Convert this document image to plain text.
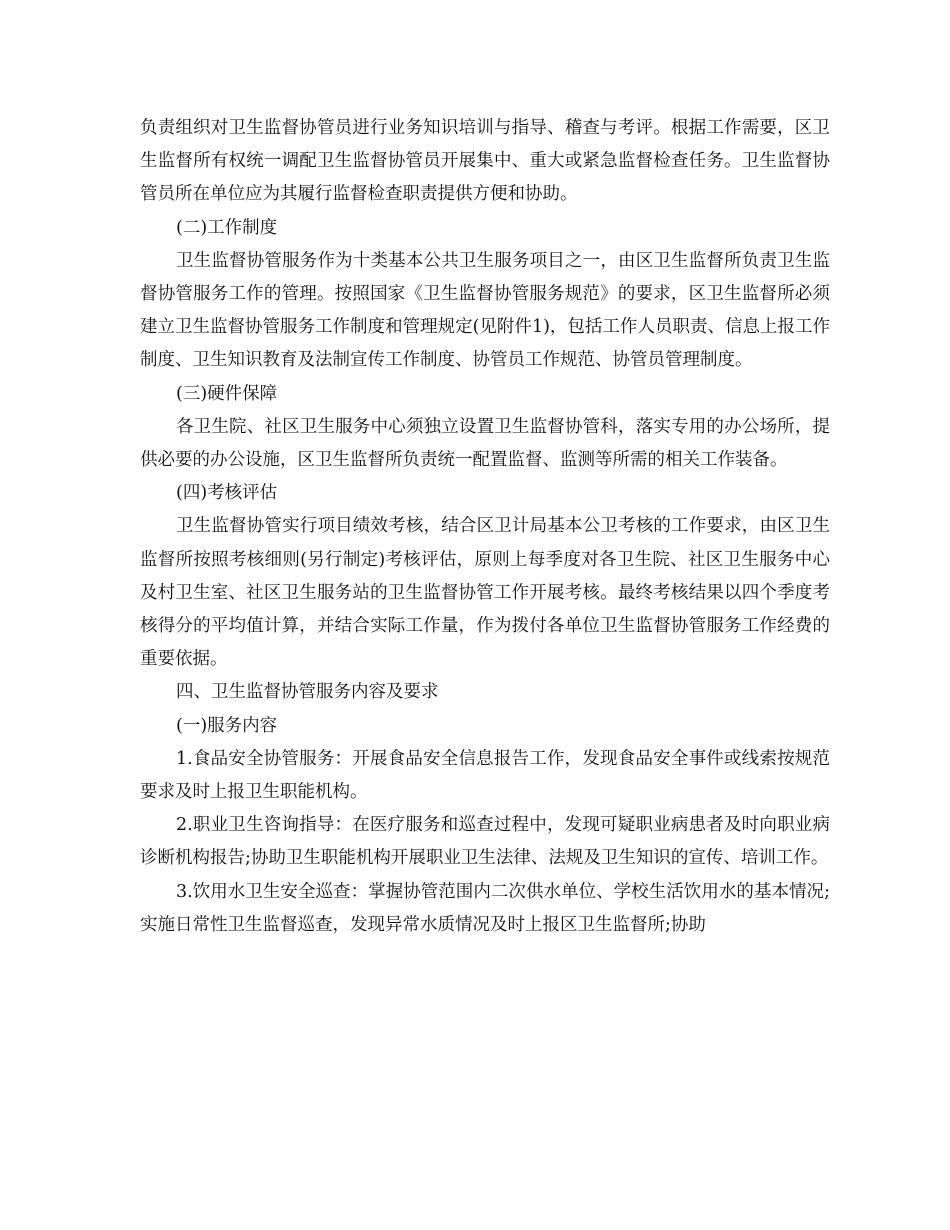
负责组织对卫生监督协管员进行业务知识培训与指导、稽查与考评。根据工作需要，区卫生监督所有权统一调配卫生监督协管员开展集中、重大或紧急监督检查任务。卫生监督协管员所在单位应为其履行监督检查职责提供方便和协助。

(二)工作制度

卫生监督协管服务作为十类基本公共卫生服务项目之一，由区卫生监督所负责卫生监督协管服务工作的管理。按照国家《卫生监督协管服务规范》的要求，区卫生监督所必须建立卫生监督协管服务工作制度和管理规定(见附件1)，包括工作人员职责、信息上报工作制度、卫生知识教育及法制宣传工作制度、协管员工作规范、协管员管理制度。

(三)硬件保障

各卫生院、社区卫生服务中心须独立设置卫生监督协管科，落实专用的办公场所，提供必要的办公设施，区卫生监督所负责统一配置监督、监测等所需的相关工作装备。

(四)考核评估

卫生监督协管实行项目绩效考核，结合区卫计局基本公卫考核的工作要求，由区卫生监督所按照考核细则(另行制定)考核评估，原则上每季度对各卫生院、社区卫生服务中心及村卫生室、社区卫生服务站的卫生监督协管工作开展考核。最终考核结果以四个季度考核得分的平均值计算，并结合实际工作量，作为拨付各单位卫生监督协管服务工作经费的重要依据。

四、卫生监督协管服务内容及要求

(一)服务内容

1.食品安全协管服务：开展食品安全信息报告工作，发现食品安全事件或线索按规范要求及时上报卫生职能机构。

2.职业卫生咨询指导：在医疗服务和巡查过程中，发现可疑职业病患者及时向职业病诊断机构报告;协助卫生职能机构开展职业卫生法律、法规及卫生知识的宣传、培训工作。

3.饮用水卫生安全巡查：掌握协管范围内二次供水单位、学校生活饮用水的基本情况;实施日常性卫生监督巡查，发现异常水质情况及时上报区卫生监督所;协助
